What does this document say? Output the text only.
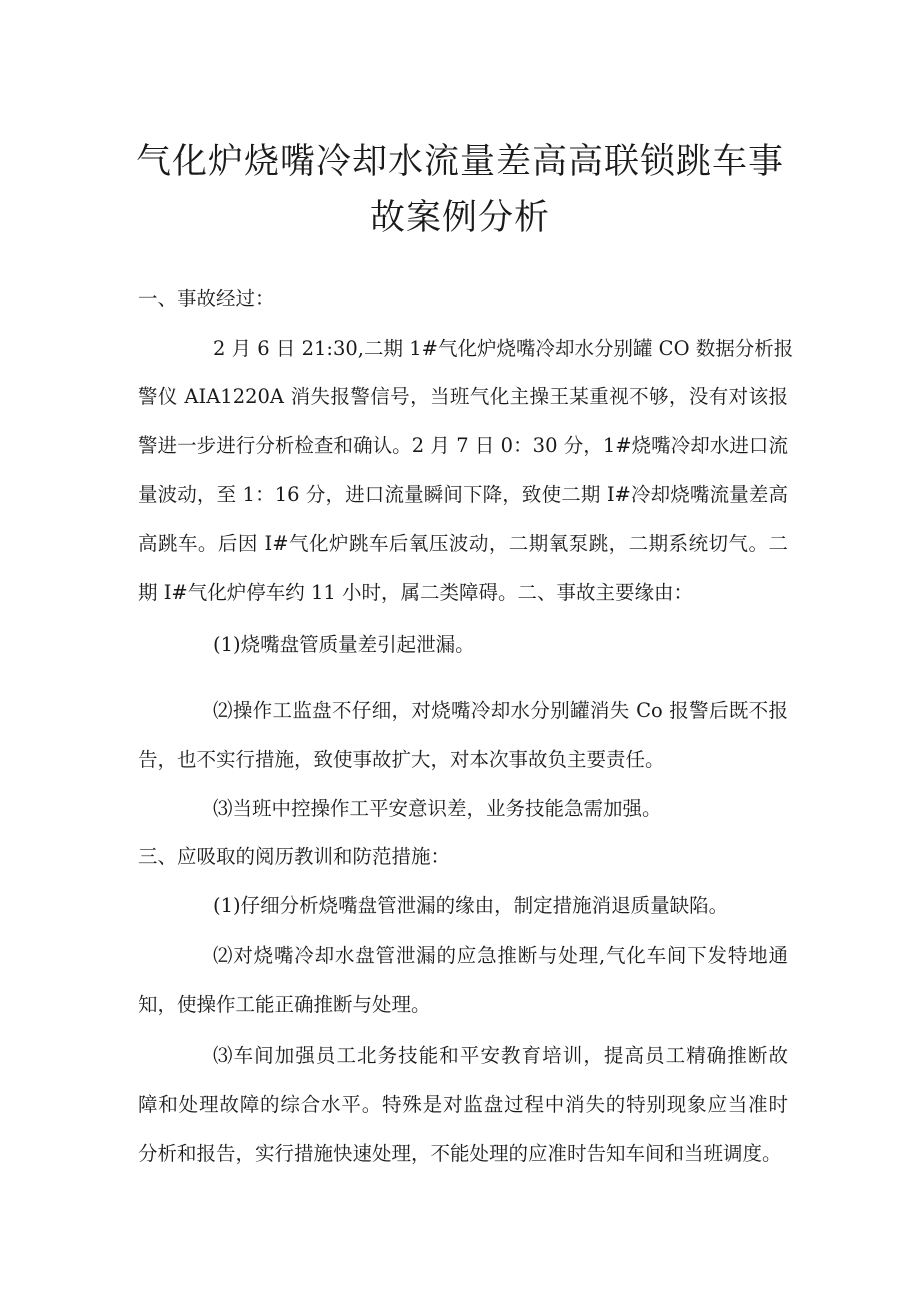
气化炉烧嘴冷却水流量差高高联锁跳车事
故案例分析

一、事故经过：

2 月 6 日 21:30,二期 1#气化炉烧嘴冷却水分别罐 CO 数据分析报

警仪 AIA1220A 消失报警信号，当班气化主操王某重视不够，没有对该报

警进一步进行分析检查和确认。2 月 7 日 0：30 分，1#烧嘴冷却水进口流

量波动，至 1：16 分，进口流量瞬间下降，致使二期 I#冷却烧嘴流量差高

高跳车。后因 I#气化炉跳车后氧压波动，二期氧泵跳，二期系统切气。二

期 I#气化炉停车约 11 小时，属二类障碍。二、事故主要缘由：

(1)烧嘴盘管质量差引起泄漏。

⑵操作工监盘不仔细，对烧嘴冷却水分别罐消失 Co 报警后既不报

告，也不实行措施，致使事故扩大，对本次事故负主要责任。

⑶当班中控操作工平安意识差，业务技能急需加强。

三、应吸取的阅历教训和防范措施：

(1)仔细分析烧嘴盘管泄漏的缘由，制定措施消退质量缺陷。

⑵对烧嘴冷却水盘管泄漏的应急推断与处理,气化车间下发特地通

知，使操作工能正确推断与处理。

⑶车间加强员工北务技能和平安教育培训，提高员工精确推断故

障和处理故障的综合水平。特殊是对监盘过程中消失的特别现象应当准时

分析和报告，实行措施快速处理，不能处理的应准时告知车间和当班调度。
